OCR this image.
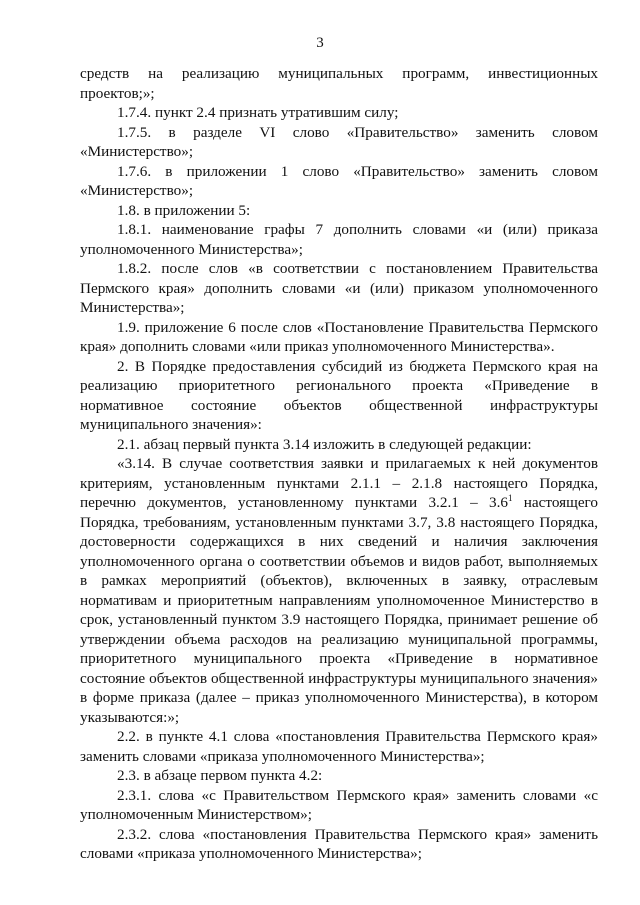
3

средств на реализацию муниципальных программ, инвестиционных проектов;»;

1.7.4. пункт 2.4 признать утратившим силу;

1.7.5. в разделе VI слово «Правительство» заменить словом «Министерство»;

1.7.6. в приложении 1 слово «Правительство» заменить словом «Министерство»;

1.8. в приложении 5:

1.8.1. наименование графы 7 дополнить словами «и (или) приказа уполномоченного Министерства»;

1.8.2. после слов «в соответствии с постановлением Правительства Пермского края» дополнить словами «и (или) приказом уполномоченного Министерства»;

1.9. приложение 6 после слов «Постановление Правительства Пермского края» дополнить словами «или приказ уполномоченного Министерства».

2. В Порядке предоставления субсидий из бюджета Пермского края на реализацию приоритетного регионального проекта «Приведение в нормативное состояние объектов общественной инфраструктуры муниципального значения»:

2.1. абзац первый пункта 3.14 изложить в следующей редакции:

«3.14. В случае соответствия заявки и прилагаемых к ней документов критериям, установленным пунктами 2.1.1 – 2.1.8 настоящего Порядка, перечню документов, установленному пунктами $3.2.1 - 3.6^1$ настоящего Порядка, требованиям, установленным пунктами 3.7, 3.8 настоящего Порядка, достоверности содержащихся в них сведений и наличия заключения уполномоченного органа о соответствии объемов и видов работ, выполняемых в рамках мероприятий (объектов), включенных в заявку, отраслевым нормативам и приоритетным направлениям уполномоченное Министерство в срок, установленный пунктом 3.9 настоящего Порядка, принимает решение об утверждении объема расходов на реализацию муниципальной программы, приоритетного муниципального проекта «Приведение в нормативное состояние объектов общественной инфраструктуры муниципального значения» в форме приказа (далее – приказ уполномоченного Министерства), в котором указываются:»;

2.2. в пункте 4.1 слова «постановления Правительства Пермского края» заменить словами «приказа уполномоченного Министерства»;

2.3. в абзаце первом пункта 4.2:

2.3.1. слова «с Правительством Пермского края» заменить словами «с уполномоченным Министерством»;

2.3.2. слова «постановления Правительства Пермского края» заменить словами «приказа уполномоченного Министерства»;
